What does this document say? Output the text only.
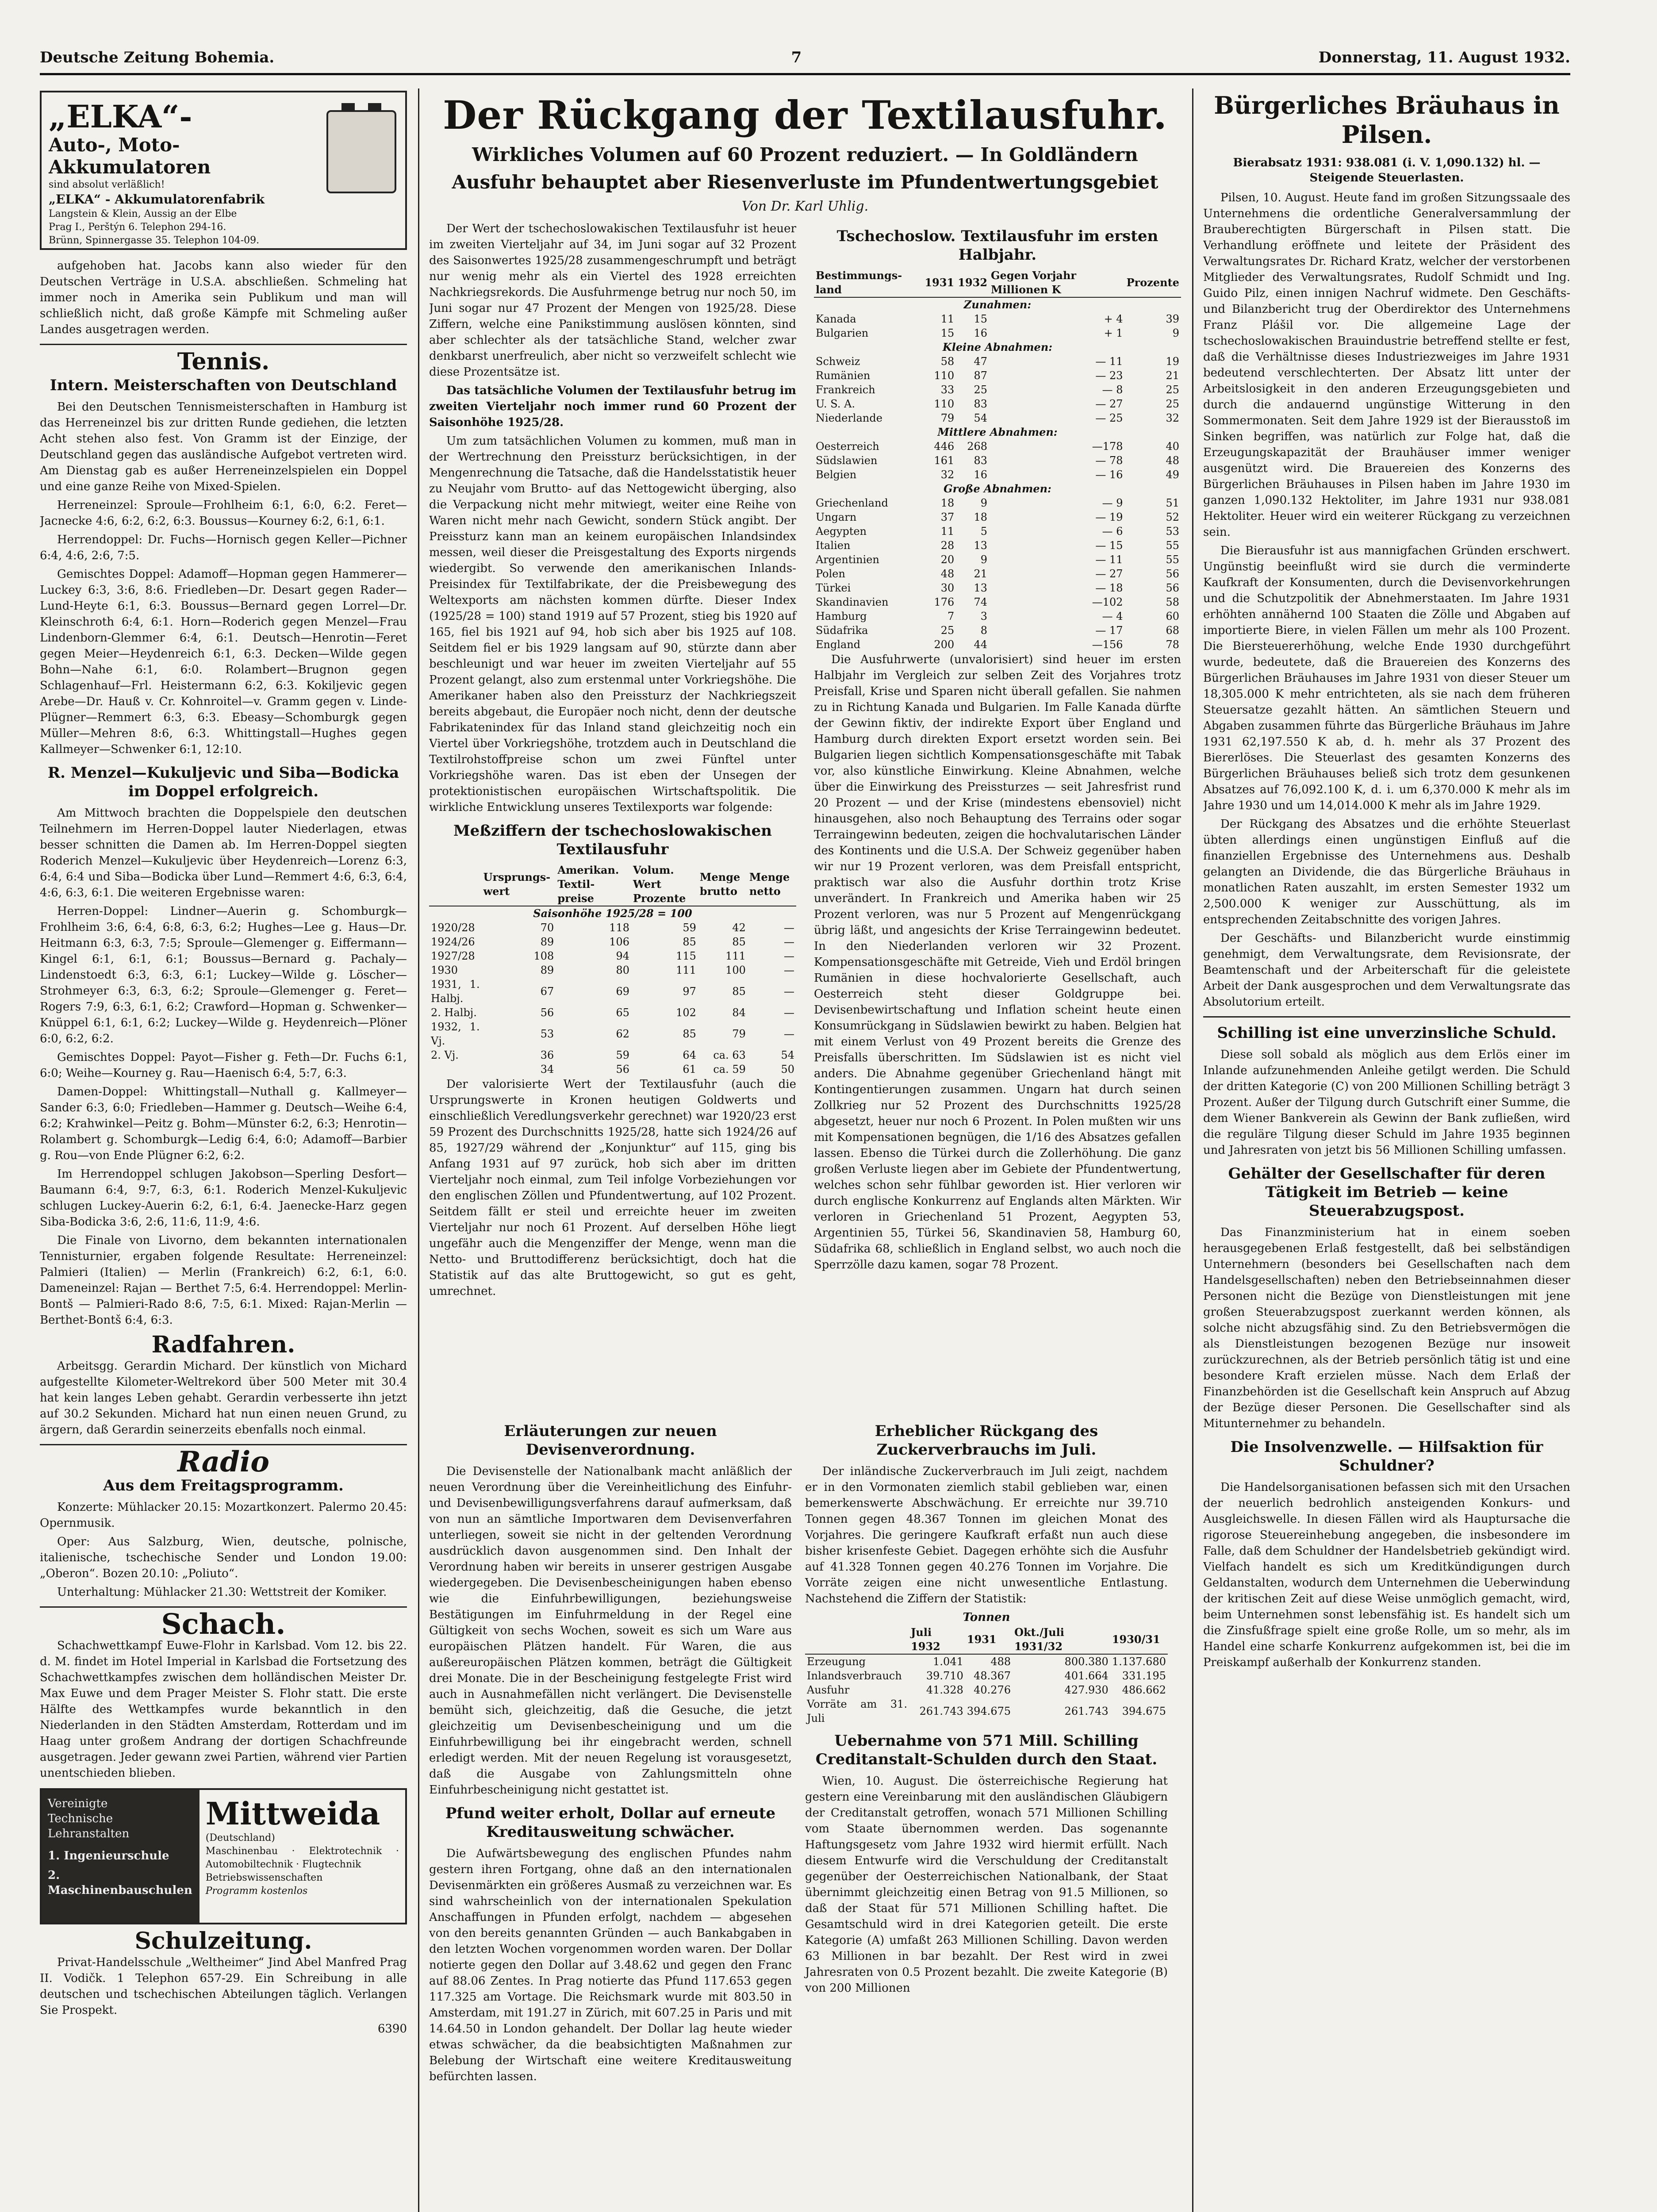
Deutsche Zeitung Bohemia.	7	Donnerstag, 11. August 1932.
„ELKA“-
Auto-, Moto-
Akkumulatoren
sind absolut verläßlich!
„ELKA“ - Akkumulatorenfabrik
Langstein & Klein, Aussig an der Elbe
Prag I., Perštýn 6. Telephon 294-16.
Brünn, Spinnergasse 35. Telephon 104-09.

aufgehoben hat. Jacobs kann also wieder für den Deutschen Verträge in U.S.A. abschließen. Schmeling hat immer noch in Amerika sein Publikum und man will schließlich nicht, daß große Kämpfe mit Schmeling außer Landes ausgetragen werden.

Tennis.
Intern. Meisterschaften von Deutschland

Bei den Deutschen Tennismeisterschaften in Hamburg ist das Herreneinzel bis zur dritten Runde gediehen, die letzten Acht stehen also fest. Von Gramm ist der Einzige, der Deutschland gegen das ausländische Aufgebot vertreten wird. Am Dienstag gab es außer Herreneinzelspielen ein Doppel und eine ganze Reihe von Mixed-Spielen.

Herreneinzel: Sproule—Frohlheim 6:1, 6:0, 6:2. Feret—Jacnecke 4:6, 6:2, 6:2, 6:3. Boussus—Kourney 6:2, 6:1, 6:1.

Herrendoppel: Dr. Fuchs—Hornisch gegen Keller—Pichner 6:4, 4:6, 2:6, 7:5.

Gemischtes Doppel: Adamoff—Hopman gegen Hammerer—Luckey 6:3, 3:6, 8:6. Friedleben—Dr. Desart gegen Rader—Lund-Heyte 6:1, 6:3. Boussus—Bernard gegen Lorrel—Dr. Kleinschroth 6:4, 6:1. Horn—Roderich gegen Menzel—Frau Lindenborn-Glemmer 6:4, 6:1. Deutsch—Henrotin—Feret gegen Meier—Heydenreich 6:1, 6:3. Decken—Wilde gegen Bohn—Nahe 6:1, 6:0. Rolambert—Brugnon gegen Schlagenhauf—Frl. Heistermann 6:2, 6:3. Kokiljevic gegen Arebe—Dr. Hauß v. Cr. Kohnroitel—v. Gramm gegen v. Linde-Plügner—Remmert 6:3, 6:3. Ebeasy—Schomburgk gegen Müller—Mehren 8:6, 6:3. Whittingstall—Hughes gegen Kallmeyer—Schwenker 6:1, 12:10.

R. Menzel—Kukuljevic und Siba—Bodicka im Doppel erfolgreich.

Am Mittwoch brachten die Doppelspiele den deutschen Teilnehmern im Herren-Doppel lauter Niederlagen, etwas besser schnitten die Damen ab. Im Herren-Doppel siegten Roderich Menzel—Kukuljevic über Heydenreich—Lorenz 6:3, 6:4, 6:4 und Siba—Bodicka über Lund—Remmert 4:6, 6:3, 6:4, 4:6, 6:3, 6:1. Die weiteren Ergebnisse waren:

Herren-Doppel: Lindner—Auerin g. Schomburgk—Frohlheim 3:6, 6:4, 6:8, 6:3, 6:2; Hughes—Lee g. Haus—Dr. Heitmann 6:3, 6:3, 7:5; Sproule—Glemenger g. Eiffermann—Kingel 6:1, 6:1, 6:1; Boussus—Bernard g. Pachaly—Lindenstoedt 6:3, 6:3, 6:1; Luckey—Wilde g. Löscher—Strohmeyer 6:3, 6:3, 6:2; Sproule—Glemenger g. Feret—Rogers 7:9, 6:3, 6:1, 6:2; Crawford—Hopman g. Schwenker—Knüppel 6:1, 6:1, 6:2; Luckey—Wilde g. Heydenreich—Plöner 6:0, 6:2, 6:2.

Gemischtes Doppel: Payot—Fisher g. Feth—Dr. Fuchs 6:1, 6:0; Weihe—Kourney g. Rau—Haenisch 6:4, 5:7, 6:3.

Damen-Doppel: Whittingstall—Nuthall g. Kallmeyer—Sander 6:3, 6:0; Friedleben—Hammer g. Deutsch—Weihe 6:4, 6:2; Krahwinkel—Peitz g. Bohm—Münster 6:2, 6:3; Henrotin—Rolambert g. Schomburgk—Ledig 6:4, 6:0; Adamoff—Barbier g. Rou—von Ende Plügner 6:2, 6:2.

Im Herrendoppel schlugen Jakobson—Sperling Desfort—Baumann 6:4, 9:7, 6:3, 6:1. Roderich Menzel-Kukuljevic schlugen Luckey-Auerin 6:2, 6:1, 6:4. Jaenecke-Harz gegen Siba-Bodicka 3:6, 2:6, 11:6, 11:9, 4:6.

Die Finale von Livorno, dem bekannten internationalen Tennisturnier, ergaben folgende Resultate: Herreneinzel: Palmieri (Italien) — Merlin (Frankreich) 6:2, 6:1, 6:0. Dameneinzel: Rajan — Berthet 7:5, 6:4. Herrendoppel: Merlin-Bontš — Palmieri-Rado 8:6, 7:5, 6:1. Mixed: Rajan-Merlin — Berthet-Bontš 6:4, 6:3.

Radfahren.

Arbeitsgg. Gerardin Michard. Der künstlich von Michard aufgestellte Kilometer-Weltrekord über 500 Meter mit 30.4 hat kein langes Leben gehabt. Gerardin verbesserte ihn jetzt auf 30.2 Sekunden. Michard hat nun einen neuen Grund, zu ärgern, daß Gerardin seinerzeits ebenfalls noch einmal.

Radio
Aus dem Freitagsprogramm.

Konzerte: Mühlacker 20.15: Mozartkonzert. Palermo 20.45: Opernmusik.

Oper: Aus Salzburg, Wien, deutsche, polnische, italienische, tschechische Sender und London 19.00: „Oberon“. Bozen 20.10: „Poliuto“.

Unterhaltung: Mühlacker 21.30: Wettstreit der Komiker.

Schach.

Schachwettkampf Euwe-Flohr in Karlsbad. Vom 12. bis 22. d. M. findet im Hotel Imperial in Karlsbad die Fortsetzung des Schachwettkampfes zwischen dem holländischen Meister Dr. Max Euwe und dem Prager Meister S. Flohr statt. Die erste Hälfte des Wettkampfes wurde bekanntlich in den Niederlanden in den Städten Amsterdam, Rotterdam und im Haag unter großem Andrang der dortigen Schachfreunde ausgetragen. Jeder gewann zwei Partien, während vier Partien unentschieden blieben.

Vereinigte
Technische
Lehranstalten
1. Ingenieurschule
2. Maschinenbauschulen
Mittweida
(Deutschland)
Maschinenbau · Elektrotechnik · Automobiltechnik · Flugtechnik
Betriebswissenschaften
Programm kostenlos
Schulzeitung.

Privat-Handelsschule „Weltheimer“ Jind Abel Manfred Prag II. Vodičk. 1 Telephon 657-29. Ein Schreibung in alle deutschen und tschechischen Abteilungen täglich. Verlangen Sie Prospekt.

6390
Der Rückgang der Textilausfuhr.
Wirkliches Volumen auf 60 Prozent reduziert. — In Goldländern
Ausfuhr behauptet aber Riesenverluste im Pfundentwertungsgebiet
Von Dr. Karl Uhlig.

Der Wert der tschechoslowakischen Textilausfuhr ist heuer im zweiten Vierteljahr auf 34, im Juni sogar auf 32 Prozent des Saisonwertes 1925/28 zusammengeschrumpft und beträgt nur wenig mehr als ein Viertel des 1928 erreichten Nachkriegsrekords. Die Ausfuhrmenge betrug nur noch 50, im Juni sogar nur 47 Prozent der Mengen von 1925/28. Diese Ziffern, welche eine Panikstimmung auslösen könnten, sind aber schlechter als der tatsächliche Stand, welcher zwar denkbarst unerfreulich, aber nicht so verzweifelt schlecht wie diese Prozentsätze ist.

Das tatsächliche Volumen der Textilausfuhr betrug im zweiten Vierteljahr noch immer rund 60 Prozent der Saisonhöhe 1925/28.

Um zum tatsächlichen Volumen zu kommen, muß man in der Wertrechnung den Preissturz berücksichtigen, in der Mengenrechnung die Tatsache, daß die Handelsstatistik heuer zu Neujahr vom Brutto- auf das Nettogewicht überging, also die Verpackung nicht mehr mitwiegt, weiter eine Reihe von Waren nicht mehr nach Gewicht, sondern Stück angibt. Der Preissturz kann man an keinem europäischen Inlandsindex messen, weil dieser die Preisgestaltung des Exports nirgends wiedergibt. So verwende den amerikanischen Inlands-Preisindex für Textilfabrikate, der die Preisbewegung des Weltexports am nächsten kommen dürfte. Dieser Index (1925/28 = 100) stand 1919 auf 57 Prozent, stieg bis 1920 auf 165, fiel bis 1921 auf 94, hob sich aber bis 1925 auf 108. Seitdem fiel er bis 1929 langsam auf 90, stürzte dann aber beschleunigt und war heuer im zweiten Vierteljahr auf 55 Prozent gelangt, also zum erstenmal unter Vorkriegshöhe. Die Amerikaner haben also den Preissturz der Nachkriegszeit bereits abgebaut, die Europäer noch nicht, denn der deutsche Fabrikatenindex für das Inland stand gleichzeitig noch ein Viertel über Vorkriegshöhe, trotzdem auch in Deutschland die Textilrohstoffpreise schon um zwei Fünftel unter Vorkriegshöhe waren. Das ist eben der Unsegen der protektionistischen europäischen Wirtschaftspolitik. Die wirkliche Entwicklung unseres Textilexports war folgende:

Meßziffern der tschechoslowakischen Textilausfuhr
	Ursprungs-wert	Amerikan. Textil-preise	Volum. Wert Prozente	Menge brutto	Menge netto
Saisonhöhe 1925/28 = 100					
1920/28	70	118	59	42	—
1924/26	89	106	85	85	—
1927/28	108	94	115	111	—
1930	89	80	111	100	—
1931, 1. Halbj.	67	69	97	85	—
2. Halbj.	56	65	102	84	—
1932, 1. Vj.	53	62	85	79	—
2. Vj.	36	59	64	ca. 63	54
	34	56	61	ca. 59	50

Der valorisierte Wert der Textilausfuhr (auch die Ursprungswerte in Kronen heutigen Goldwerts und einschließlich Veredlungsverkehr gerechnet) war 1920/23 erst 59 Prozent des Durchschnitts 1925/28, hatte sich 1924/26 auf 85, 1927/29 während der „Konjunktur“ auf 115, ging bis Anfang 1931 auf 97 zurück, hob sich aber im dritten Vierteljahr noch einmal, zum Teil infolge Vorbeziehungen vor den englischen Zöllen und Pfundentwertung, auf 102 Prozent. Seitdem fällt er steil und erreichte heuer im zweiten Vierteljahr nur noch 61 Prozent. Auf derselben Höhe liegt ungefähr auch die Mengenziffer der Menge, wenn man die Netto- und Bruttodifferenz berücksichtigt, doch hat die Statistik auf das alte Bruttogewicht, so gut es geht, umrechnet.

Tschechoslow. Textilausfuhr im ersten Halbjahr.
Bestimmungs-land	1931	1932	Gegen Vorjahr Millionen K	Prozente
Zunahmen:				
Kanada	11	15	+ 4	39
Bulgarien	15	16	+ 1	9
Kleine Abnahmen:				
Schweiz	58	47	— 11	19
Rumänien	110	87	— 23	21
Frankreich	33	25	— 8	25
U. S. A.	110	83	— 27	25
Niederlande	79	54	— 25	32
Mittlere Abnahmen:				
Oesterreich	446	268	—178	40
Südslawien	161	83	— 78	48
Belgien	32	16	— 16	49
Große Abnahmen:				
Griechenland	18	9	— 9	51
Ungarn	37	18	— 19	52
Aegypten	11	5	— 6	53
Italien	28	13	— 15	55
Argentinien	20	9	— 11	55
Polen	48	21	— 27	56
Türkei	30	13	— 18	56
Skandinavien	176	74	—102	58
Hamburg	7	3	— 4	60
Südafrika	25	8	— 17	68
England	200	44	—156	78

Die Ausfuhrwerte (unvalorisiert) sind heuer im ersten Halbjahr im Vergleich zur selben Zeit des Vorjahres trotz Preisfall, Krise und Sparen nicht überall gefallen. Sie nahmen zu in Richtung Kanada und Bulgarien. Im Falle Kanada dürfte der Gewinn fiktiv, der indirekte Export über England und Hamburg durch direkten Export ersetzt worden sein. Bei Bulgarien liegen sichtlich Kompensationsgeschäfte mit Tabak vor, also künstliche Einwirkung. Kleine Abnahmen, welche über die Einwirkung des Preissturzes — seit Jahresfrist rund 20 Prozent — und der Krise (mindestens ebensoviel) nicht hinausgehen, also noch Behauptung des Terrains oder sogar Terraingewinn bedeuten, zeigen die hochvalutarischen Länder des Kontinents und die U.S.A. Der Schweiz gegenüber haben wir nur 19 Prozent verloren, was dem Preisfall entspricht, praktisch war also die Ausfuhr dorthin trotz Krise unverändert. In Frankreich und Amerika haben wir 25 Prozent verloren, was nur 5 Prozent auf Mengenrückgang übrig läßt, und angesichts der Krise Terraingewinn bedeutet. In den Niederlanden verloren wir 32 Prozent. Kompensationsgeschäfte mit Getreide, Vieh und Erdöl bringen Rumänien in diese hochvalorierte Gesellschaft, auch Oesterreich steht dieser Goldgruppe bei. Devisenbewirtschaftung und Inflation scheint heute einen Konsumrückgang in Südslawien bewirkt zu haben. Belgien hat mit einem Verlust von 49 Prozent bereits die Grenze des Preisfalls überschritten. Im Südslawien ist es nicht viel anders. Die Abnahme gegenüber Griechenland hängt mit Kontingentierungen zusammen. Ungarn hat durch seinen Zollkrieg nur 52 Prozent des Durchschnitts 1925/28 abgesetzt, heuer nur noch 6 Prozent. In Polen mußten wir uns mit Kompensationen begnügen, die 1/16 des Absatzes gefallen lassen. Ebenso die Türkei durch die Zollerhöhung. Die ganz großen Verluste liegen aber im Gebiete der Pfundentwertung, welches schon sehr fühlbar geworden ist. Hier verloren wir durch englische Konkurrenz auf Englands alten Märkten. Wir verloren in Griechenland 51 Prozent, Aegypten 53, Argentinien 55, Türkei 56, Skandinavien 58, Hamburg 60, Südafrika 68, schließlich in England selbst, wo auch noch die Sperrzölle dazu kamen, sogar 78 Prozent.

Erläuterungen zur neuen Devisenverordnung.

Die Devisenstelle der Nationalbank macht anläßlich der neuen Verordnung über die Vereinheitlichung des Einfuhr- und Devisenbewilligungsverfahrens darauf aufmerksam, daß von nun an sämtliche Importwaren dem Devisenverfahren unterliegen, soweit sie nicht in der geltenden Verordnung ausdrücklich davon ausgenommen sind. Den Inhalt der Verordnung haben wir bereits in unserer gestrigen Ausgabe wiedergegeben. Die Devisenbescheinigungen haben ebenso wie die Einfuhrbewilligungen, beziehungsweise Bestätigungen im Einfuhrmeldung in der Regel eine Gültigkeit von sechs Wochen, soweit es sich um Ware aus europäischen Plätzen handelt. Für Waren, die aus außereuropäischen Plätzen kommen, beträgt die Gültigkeit drei Monate. Die in der Bescheinigung festgelegte Frist wird auch in Ausnahmefällen nicht verlängert. Die Devisenstelle bemüht sich, gleichzeitig, daß die Gesuche, die jetzt gleichzeitig um Devisenbescheinigung und um die Einfuhrbewilligung bei ihr eingebracht werden, schnell erledigt werden. Mit der neuen Regelung ist vorausgesetzt, daß die Ausgabe von Zahlungsmitteln ohne Einfuhrbescheinigung nicht gestattet ist.

Pfund weiter erholt, Dollar auf erneute Kreditausweitung schwächer.

Die Aufwärtsbewegung des englischen Pfundes nahm gestern ihren Fortgang, ohne daß an den internationalen Devisenmärkten ein größeres Ausmaß zu verzeichnen war. Es sind wahrscheinlich von der internationalen Spekulation Anschaffungen in Pfunden erfolgt, nachdem — abgesehen von den bereits genannten Gründen — auch Bankabgaben in den letzten Wochen vorgenommen worden waren. Der Dollar notierte gegen den Dollar auf 3.48.62 und gegen den Franc auf 88.06 Zentes. In Prag notierte das Pfund 117.653 gegen 117.325 am Vortage. Die Reichsmark wurde mit 803.50 in Amsterdam, mit 191.27 in Zürich, mit 607.25 in Paris und mit 14.64.50 in London gehandelt. Der Dollar lag heute wieder etwas schwächer, da die beabsichtigten Maßnahmen zur Belebung der Wirtschaft eine weitere Kreditausweitung befürchten lassen.

Erheblicher Rückgang des Zuckerverbrauchs im Juli.

Der inländische Zuckerverbrauch im Juli zeigt, nachdem er in den Vormonaten ziemlich stabil geblieben war, einen bemerkenswerte Abschwächung. Er erreichte nur 39.710 Tonnen gegen 48.367 Tonnen im gleichen Monat des Vorjahres. Die geringere Kaufkraft erfaßt nun auch diese bisher krisenfeste Gebiet. Dagegen erhöhte sich die Ausfuhr auf 41.328 Tonnen gegen 40.276 Tonnen im Vorjahre. Die Vorräte zeigen eine nicht unwesentliche Entlastung. Nachstehend die Ziffern der Statistik:

Tonnen
	Juli 1932	1931	Okt./Juli 1931/32	1930/31
Erzeugung	1.041	488	800.380	1.137.680
Inlandsverbrauch	39.710	48.367	401.664	331.195
Ausfuhr	41.328	40.276	427.930	486.662
Vorräte am 31. Juli	261.743	394.675	261.743	394.675
Uebernahme von 571 Mill. Schilling Creditanstalt-Schulden durch den Staat.

Wien, 10. August. Die österreichische Regierung hat gestern eine Vereinbarung mit den ausländischen Gläubigern der Creditanstalt getroffen, wonach 571 Millionen Schilling vom Staate übernommen werden. Das sogenannte Haftungsgesetz vom Jahre 1932 wird hiermit erfüllt. Nach diesem Entwurfe wird die Verschuldung der Creditanstalt gegenüber der Oesterreichischen Nationalbank, der Staat übernimmt gleichzeitig einen Betrag von 91.5 Millionen, so daß der Staat für 571 Millionen Schilling haftet. Die Gesamtschuld wird in drei Kategorien geteilt. Die erste Kategorie (A) umfaßt 263 Millionen Schilling. Davon werden 63 Millionen in bar bezahlt. Der Rest wird in zwei Jahresraten von 0.5 Prozent bezahlt. Die zweite Kategorie (B) von 200 Millionen

Bürgerliches Bräuhaus in Pilsen.
Bierabsatz 1931: 938.081 (i. V. 1,090.132) hl. — Steigende Steuerlasten.

Pilsen, 10. August. Heute fand im großen Sitzungssaale des Unternehmens die ordentliche Generalversammlung der Brauberechtigten Bürgerschaft in Pilsen statt. Die Verhandlung eröffnete und leitete der Präsident des Verwaltungsrates Dr. Richard Kratz, welcher der verstorbenen Mitglieder des Verwaltungsrates, Rudolf Schmidt und Ing. Guido Pilz, einen innigen Nachruf widmete. Den Geschäfts- und Bilanzbericht trug der Oberdirektor des Unternehmens Franz Plášil vor. Die allgemeine Lage der tschechoslowakischen Brauindustrie betreffend stellte er fest, daß die Verhältnisse dieses Industriezweiges im Jahre 1931 bedeutend verschlechterten. Der Absatz litt unter der Arbeitslosigkeit in den anderen Erzeugungsgebieten und durch die andauernd ungünstige Witterung in den Sommermonaten. Seit dem Jahre 1929 ist der Bierausstoß im Sinken begriffen, was natürlich zur Folge hat, daß die Erzeugungskapazität der Brauhäuser immer weniger ausgenützt wird. Die Brauereien des Konzerns des Bürgerlichen Bräuhauses in Pilsen haben im Jahre 1930 im ganzen 1,090.132 Hektoliter, im Jahre 1931 nur 938.081 Hektoliter. Heuer wird ein weiterer Rückgang zu verzeichnen sein.

Die Bierausfuhr ist aus mannigfachen Gründen erschwert. Ungünstig beeinflußt wird sie durch die verminderte Kaufkraft der Konsumenten, durch die Devisenvorkehrungen und die Schutzpolitik der Abnehmerstaaten. Im Jahre 1931 erhöhten annähernd 100 Staaten die Zölle und Abgaben auf importierte Biere, in vielen Fällen um mehr als 100 Prozent. Die Biersteuererhöhung, welche Ende 1930 durchgeführt wurde, bedeutete, daß die Brauereien des Konzerns des Bürgerlichen Bräuhauses im Jahre 1931 von dieser Steuer um 18,305.000 K mehr entrichteten, als sie nach dem früheren Steuersatze gezahlt hätten. An sämtlichen Steuern und Abgaben zusammen führte das Bürgerliche Bräuhaus im Jahre 1931 62,197.550 K ab, d. h. mehr als 37 Prozent des Biererlöses. Die Steuerlast des gesamten Konzerns des Bürgerlichen Bräuhauses beließ sich trotz dem gesunkenen Absatzes auf 76,092.100 K, d. i. um 6,370.000 K mehr als im Jahre 1930 und um 14,014.000 K mehr als im Jahre 1929.

Der Rückgang des Absatzes und die erhöhte Steuerlast übten allerdings einen ungünstigen Einfluß auf die finanziellen Ergebnisse des Unternehmens aus. Deshalb gelangten an Dividende, die das Bürgerliche Bräuhaus in monatlichen Raten auszahlt, im ersten Semester 1932 um 2,500.000 K weniger zur Ausschüttung, als im entsprechenden Zeitabschnitte des vorigen Jahres.

Der Geschäfts- und Bilanzbericht wurde einstimmig genehmigt, dem Verwaltungsrate, dem Revisionsrate, der Beamtenschaft und der Arbeiterschaft für die geleistete Arbeit der Dank ausgesprochen und dem Verwaltungsrate das Absolutorium erteilt.

Schilling ist eine unverzinsliche Schuld.

Diese soll sobald als möglich aus dem Erlös einer im Inlande aufzunehmenden Anleihe getilgt werden. Die Schuld der dritten Kategorie (C) von 200 Millionen Schilling beträgt 3 Prozent. Außer der Tilgung durch Gutschrift einer Summe, die dem Wiener Bankverein als Gewinn der Bank zufließen, wird die reguläre Tilgung dieser Schuld im Jahre 1935 beginnen und Jahresraten von jetzt bis 56 Millionen Schilling umfassen.

Gehälter der Gesellschafter für deren Tätigkeit im Betrieb — keine Steuerabzugspost.

Das Finanzministerium hat in einem soeben herausgegebenen Erlaß festgestellt, daß bei selbständigen Unternehmern (besonders bei Gesellschaften nach dem Handelsgesellschaften) neben den Betriebseinnahmen dieser Personen nicht die Bezüge von Dienstleistungen mit jene großen Steuerabzugspost zuerkannt werden können, als solche nicht abzugsfähig sind. Zu den Betriebsvermögen die als Dienstleistungen bezogenen Bezüge nur insoweit zurückzurechnen, als der Betrieb persönlich tätig ist und eine besondere Kraft erzielen müsse. Nach dem Erlaß der Finanzbehörden ist die Gesellschaft kein Anspruch auf Abzug der Bezüge dieser Personen. Die Gesellschafter sind als Mitunternehmer zu behandeln.

Die Insolvenzwelle. — Hilfsaktion für Schuldner?

Die Handelsorganisationen befassen sich mit den Ursachen der neuerlich bedrohlich ansteigenden Konkurs- und Ausgleichswelle. In diesen Fällen wird als Hauptursache die rigorose Steuereinhebung angegeben, die insbesondere im Falle, daß dem Schuldner der Handelsbetrieb gekündigt wird. Vielfach handelt es sich um Kreditkündigungen durch Geldanstalten, wodurch dem Unternehmen die Ueberwindung der kritischen Zeit auf diese Weise unmöglich gemacht, wird, beim Unternehmen sonst lebensfähig ist. Es handelt sich um die Zinsfußfrage spielt eine große Rolle, um so mehr, als im Handel eine scharfe Konkurrenz aufgekommen ist, bei die im Preiskampf außerhalb der Konkurrenz standen.
